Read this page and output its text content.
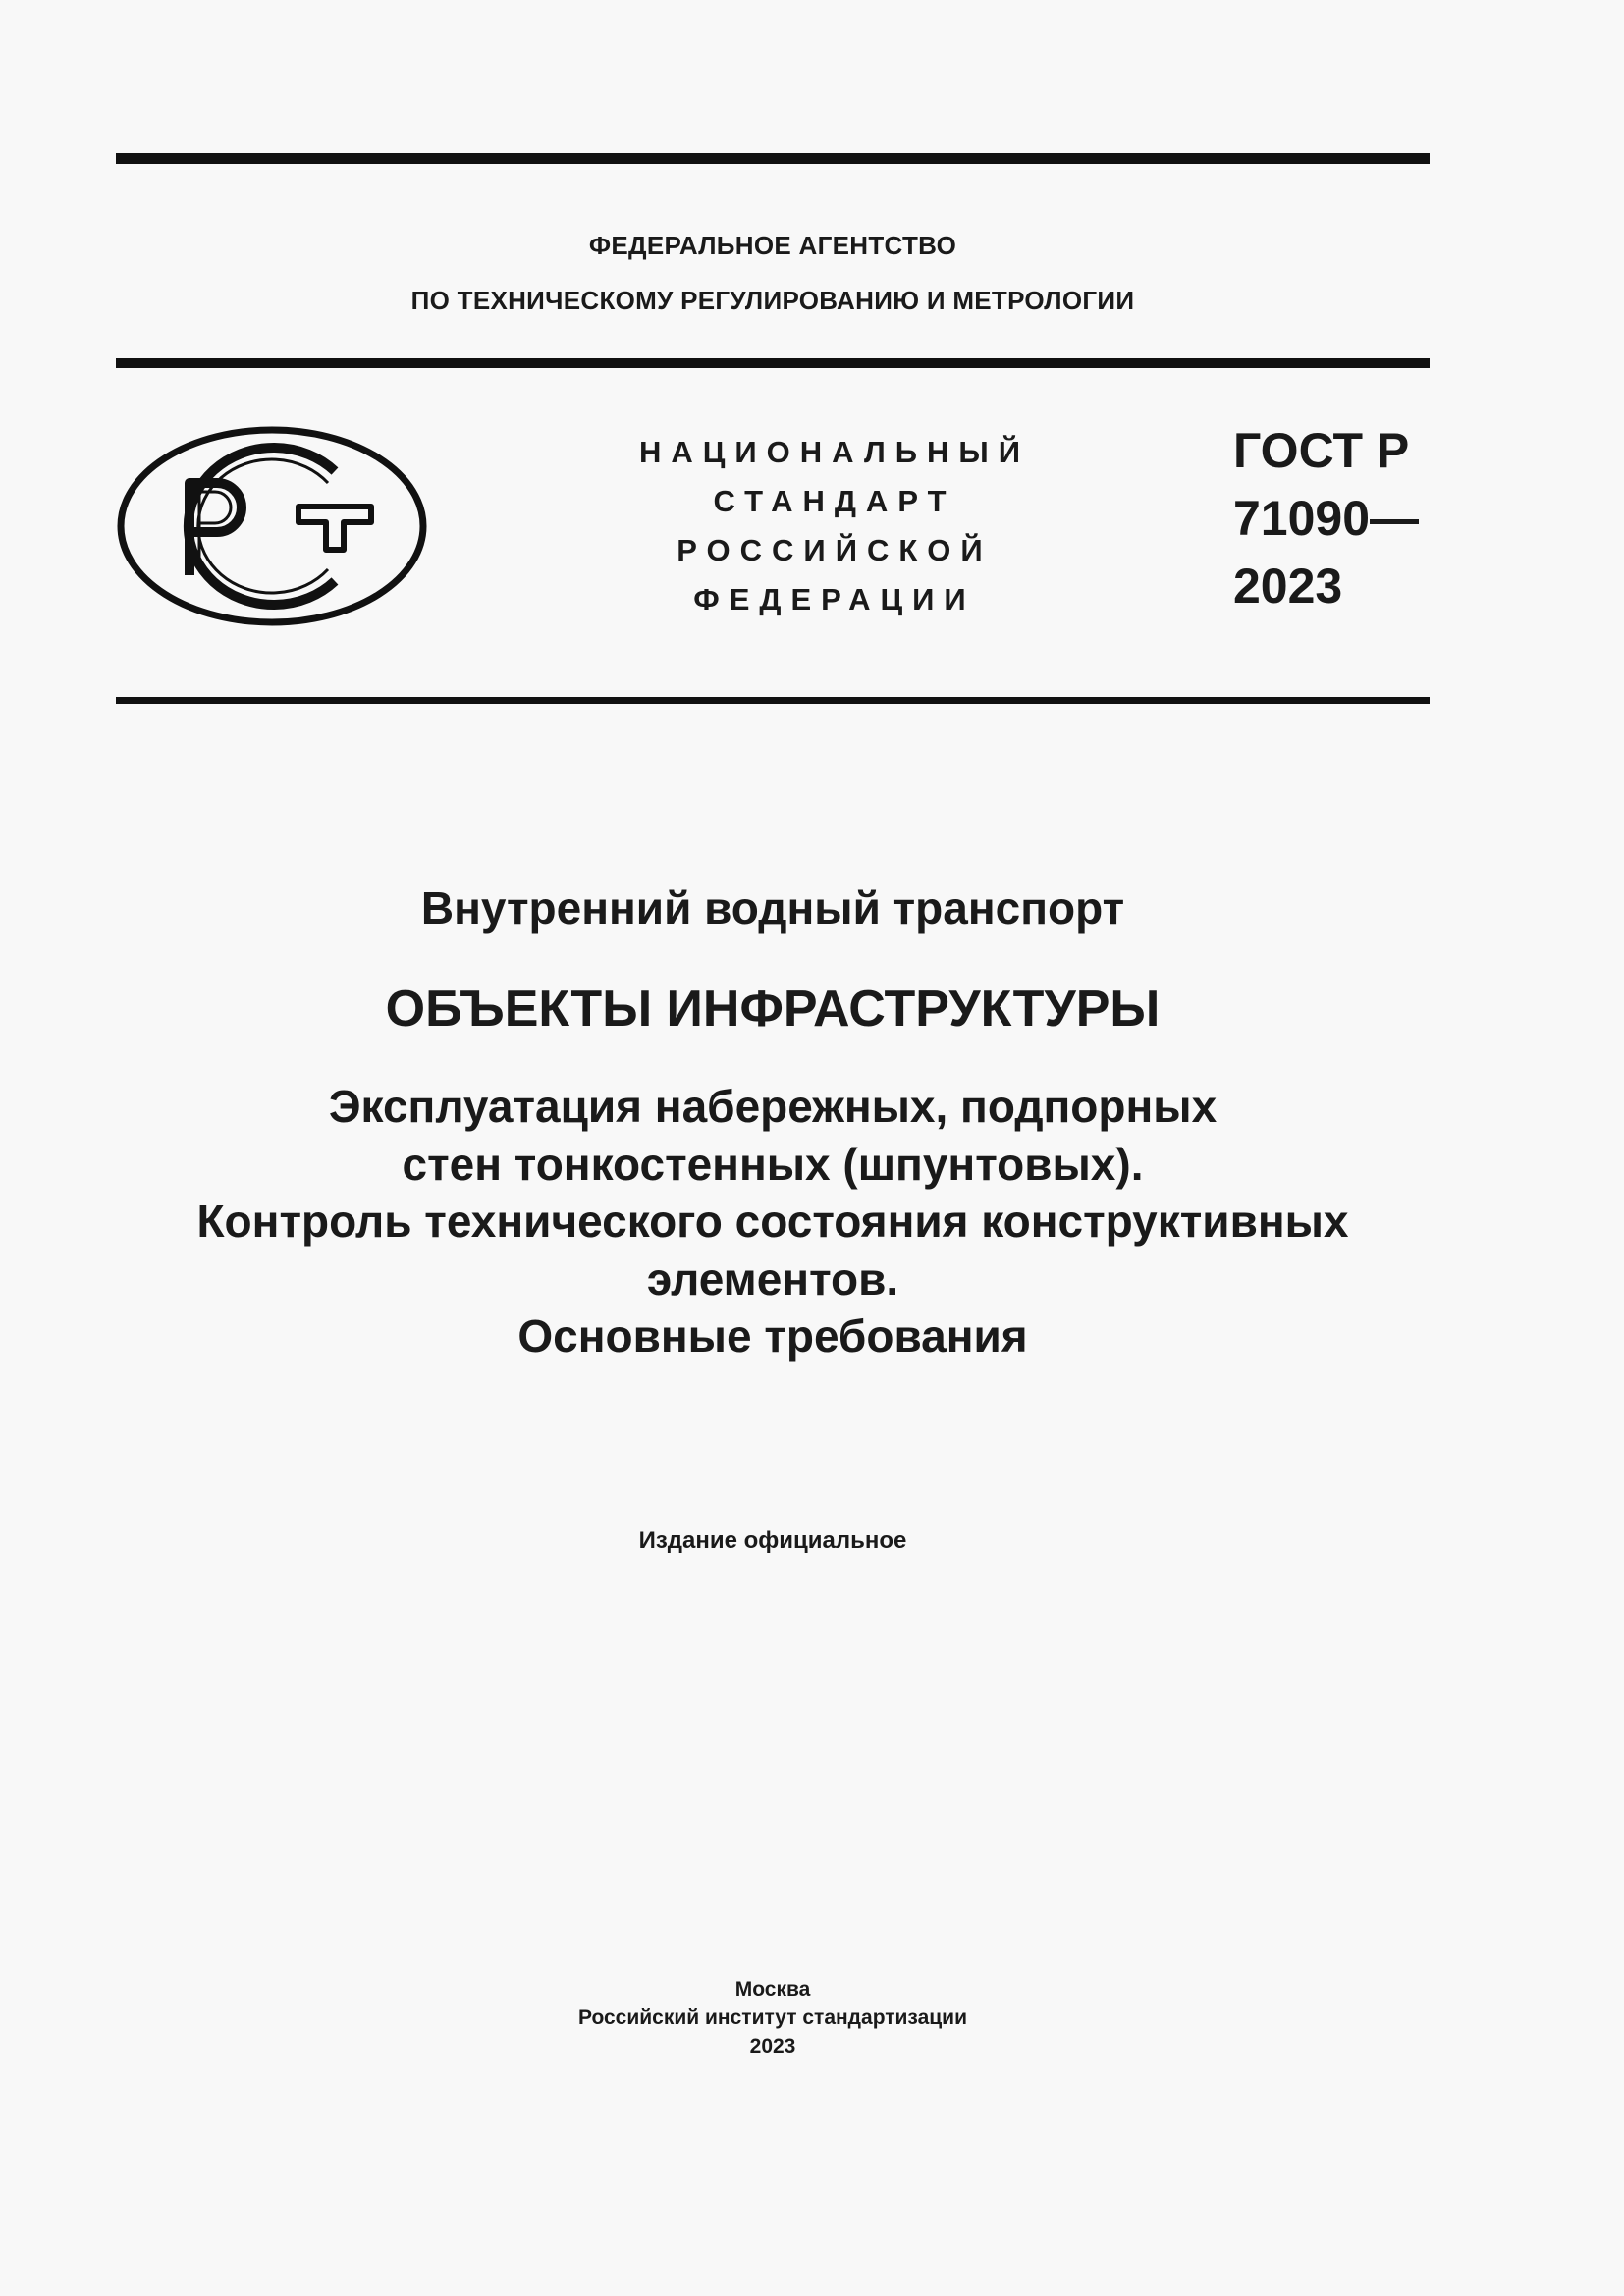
ФЕДЕРАЛЬНОЕ АГЕНТСТВО
ПО ТЕХНИЧЕСКОМУ РЕГУЛИРОВАНИЮ И МЕТРОЛОГИИ
НАЦИОНАЛЬНЫЙ
СТАНДАРТ
РОССИЙСКОЙ
ФЕДЕРАЦИИ
ГОСТ Р
71090—
2023
Внутренний водный транспорт
ОБЪЕКТЫ ИНФРАСТРУКТУРЫ
Эксплуатация набережных, подпорных
стен тонкостенных (шпунтовых).
Контроль технического состояния конструктивных
элементов.
Основные требования
Издание официальное
Москва
Российский институт стандартизации
2023
